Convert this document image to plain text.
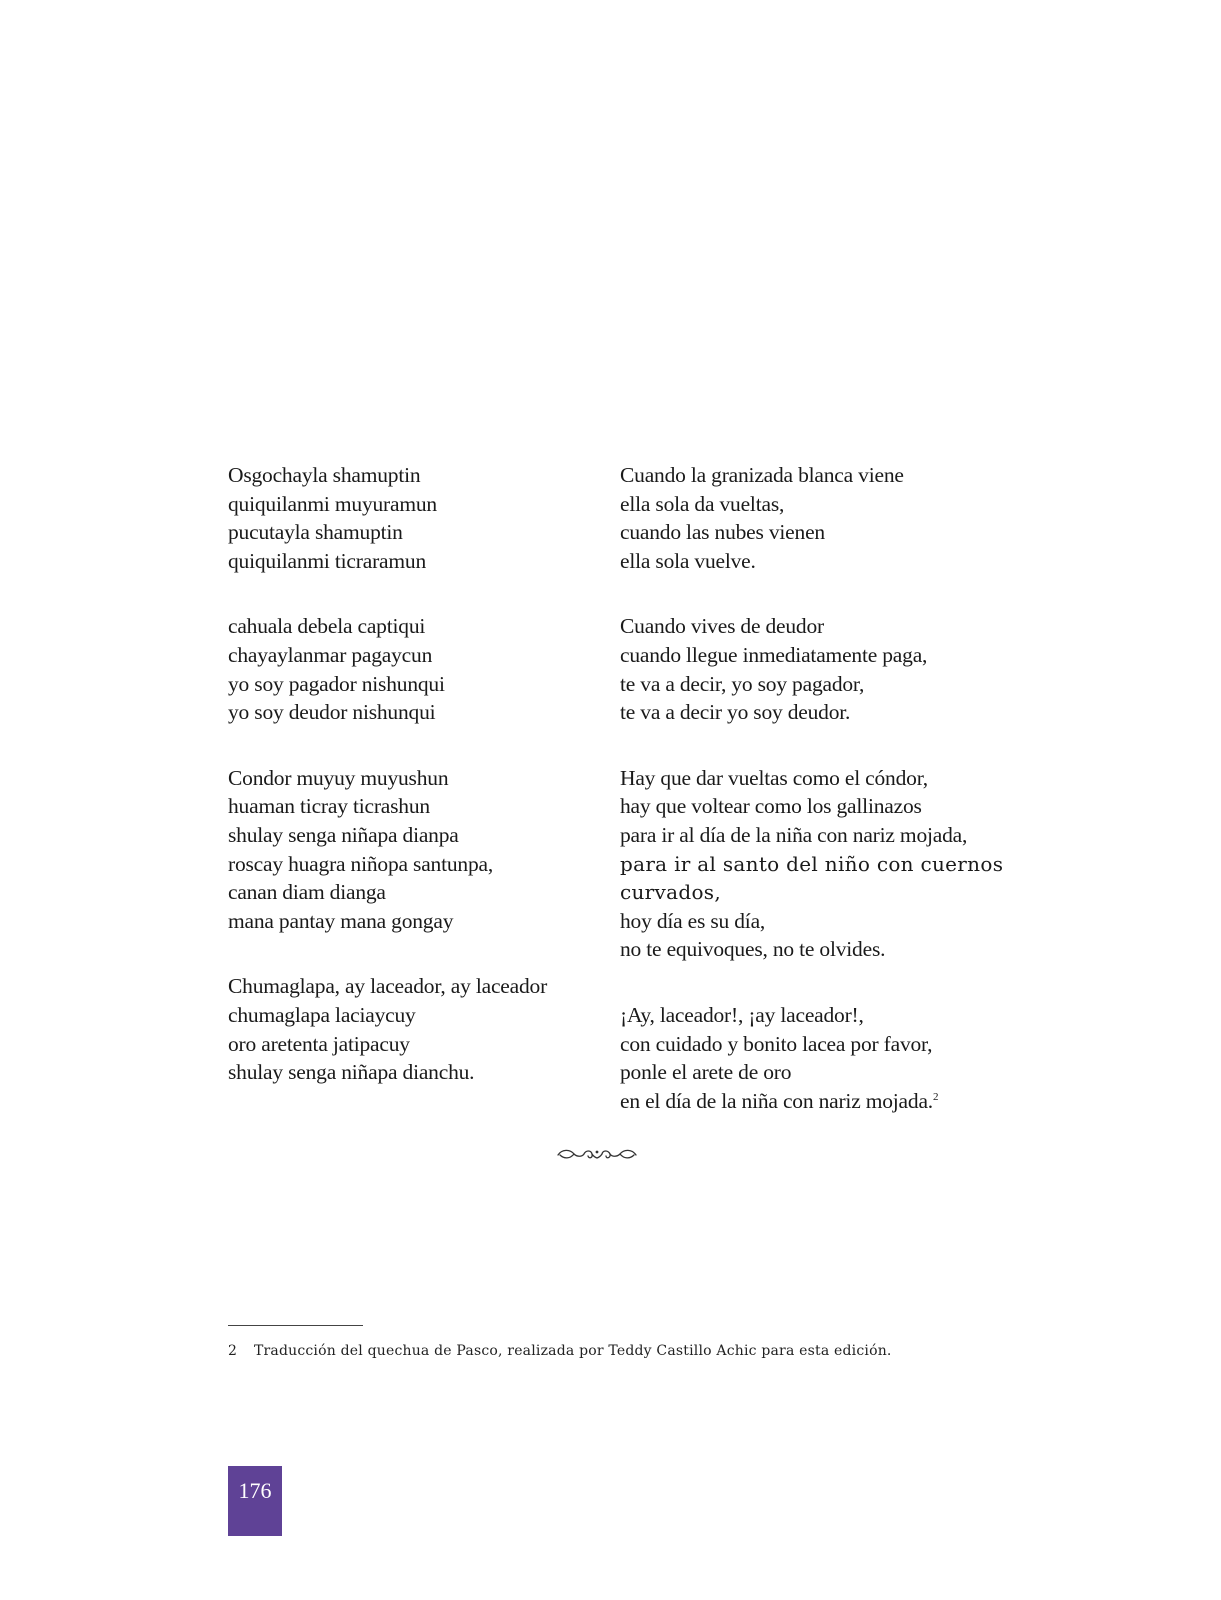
Osgochayla shamuptin
quiquilanmi muyuramun
pucutayla shamuptin
quiquilanmi ticraramun

cahuala debela captiqui
chayaylanmar pagaycun
yo soy pagador nishunqui
yo soy deudor nishunqui

Condor muyuy muyushun
huaman ticray ticrashun
shulay senga niñapa dianpa
roscay huagra niñopa santunpa,
canan diam dianga
mana pantay mana gongay

Chumaglapa, ay laceador, ay laceador
chumaglapa laciaycuy
oro aretenta jatipacuy
shulay senga niñapa dianchu.

Cuando la granizada blanca viene
ella sola da vueltas,
cuando las nubes vienen
ella sola vuelve.

Cuando vives de deudor
cuando llegue inmediatamente paga,
te va a decir, yo soy pagador,
te va a decir yo soy deudor.

Hay que dar vueltas como el cóndor,
hay que voltear como los gallinazos
para ir al día de la niña con nariz mojada,
para ir al santo del niño con cuernos
curvados,
hoy día es su día,
no te equivoques, no te olvides.

¡Ay, laceador!, ¡ay laceador!,
con cuidado y bonito lacea por favor,
ponle el arete de oro
en el día de la niña con nariz mojada.$^2$

2 Traducción del quechua de Pasco, realizada por Teddy Castillo Achic para esta edición.
176
